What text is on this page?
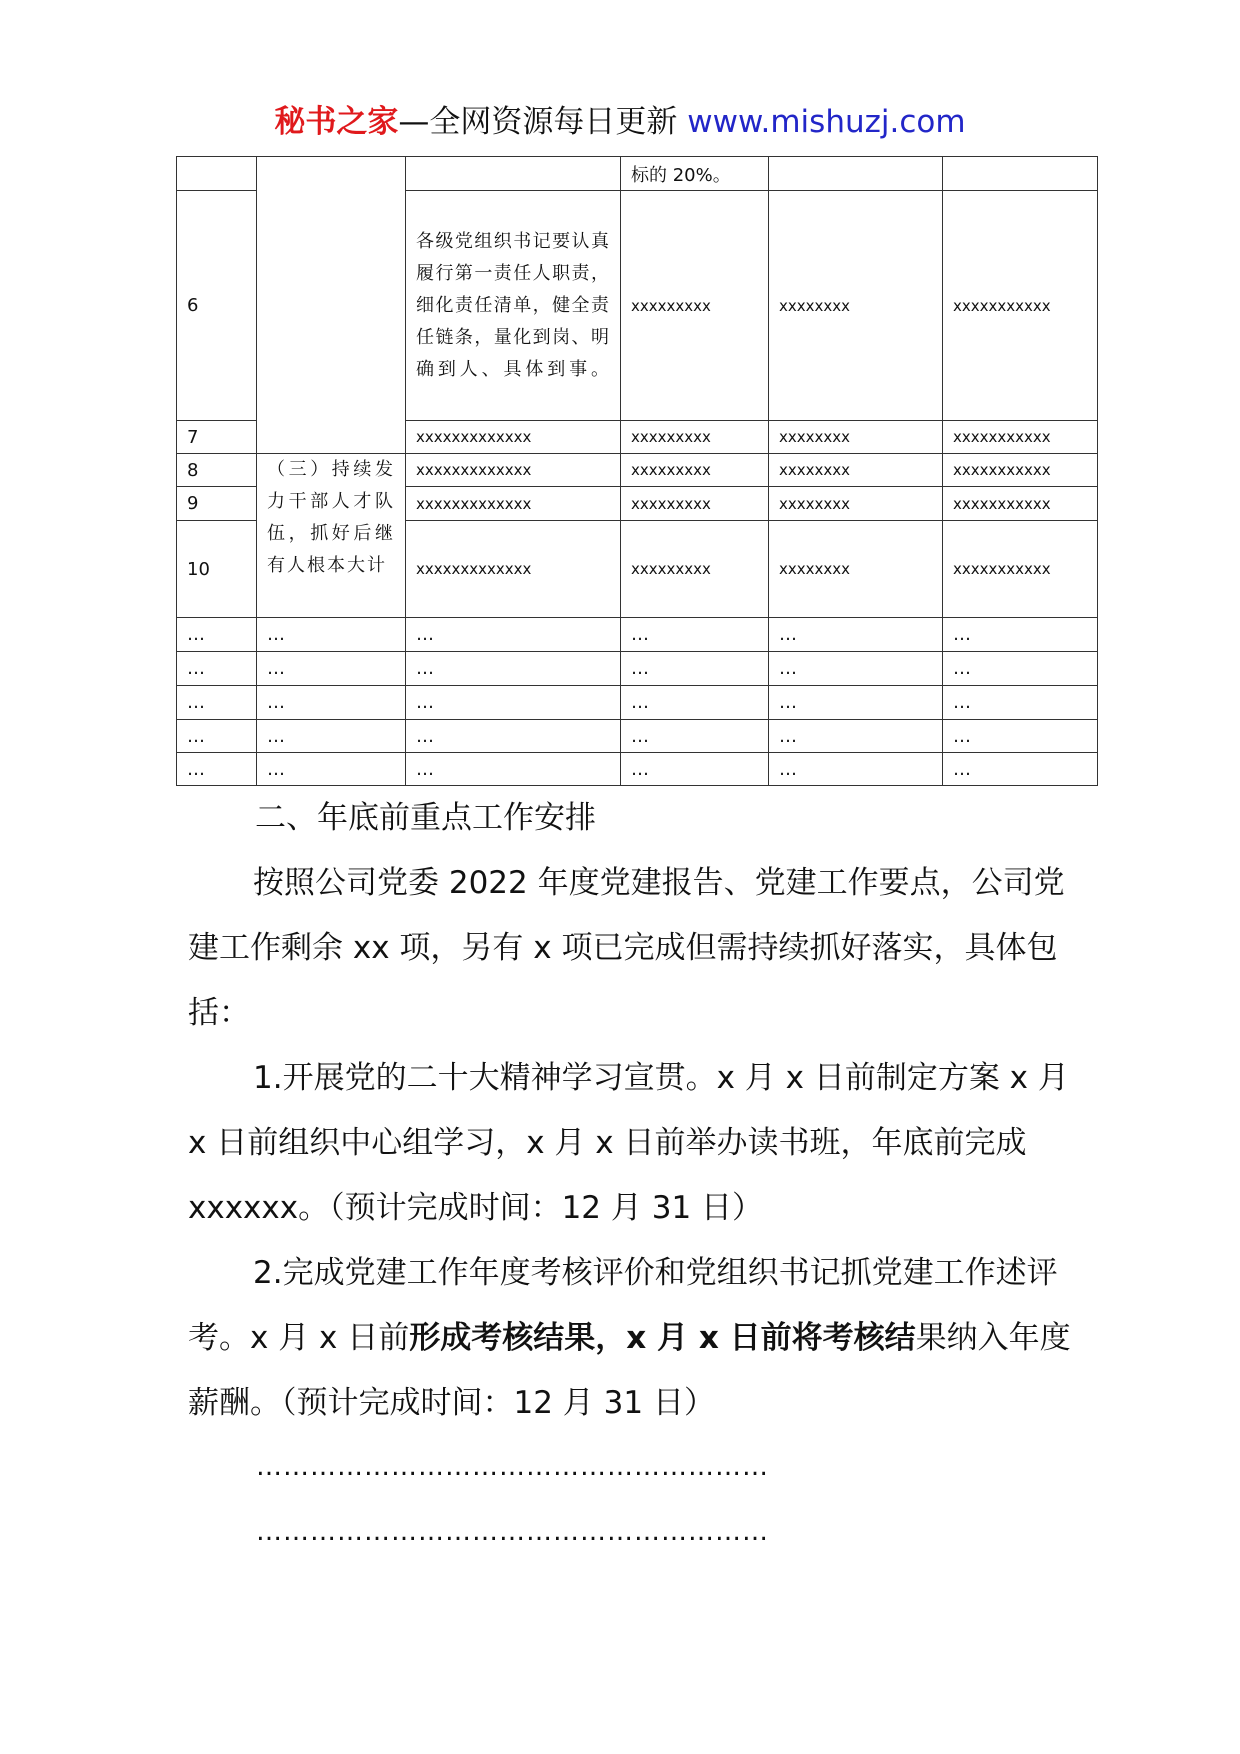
秘书之家—全网资源每日更新 www.mishuzj.com
			标的 20%。		
6		各级党组织书记要认真履行第一责任人职责，细化责任清单，健全责任链条，量化到岗、明确到人、具体到事。	xxxxxxxxx	xxxxxxxx	xxxxxxxxxxx
7		xxxxxxxxxxxxx	xxxxxxxxx	xxxxxxxx	xxxxxxxxxxx
8	（三）持续发力干部人才队伍，抓好后继有人根本大计	xxxxxxxxxxxxx	xxxxxxxxx	xxxxxxxx	xxxxxxxxxxx
9		xxxxxxxxxxxxx	xxxxxxxxx	xxxxxxxx	xxxxxxxxxxx
10		xxxxxxxxxxxxx	xxxxxxxxx	xxxxxxxx	xxxxxxxxxxx
…	…	…	…	…	…
…	…	…	…	…	…
…	…	…	…	…	…
…	…	…	…	…	…
…	…	…	…	…	…
二、年底前重点工作安排

按照公司党委 2022 年度党建报告、党建工作要点，公司党建工作剩余 xx 项，另有 x 项已完成但需持续抓好落实，具体包括：

1.开展党的二十大精神学习宣贯。x 月 x 日前制定方案 x 月 x 日前组织中心组学习，x 月 x 日前举办读书班，年底前完成 xxxxxx。（预计完成时间：12 月 31 日）

2.完成党建工作年度考核评价和党组织书记抓党建工作述评考。x 月 x 日前形成考核结果，x 月 x 日前将考核结果纳入年度薪酬。（预计完成时间：12 月 31 日）

…………………………………………………
…………………………………………………
